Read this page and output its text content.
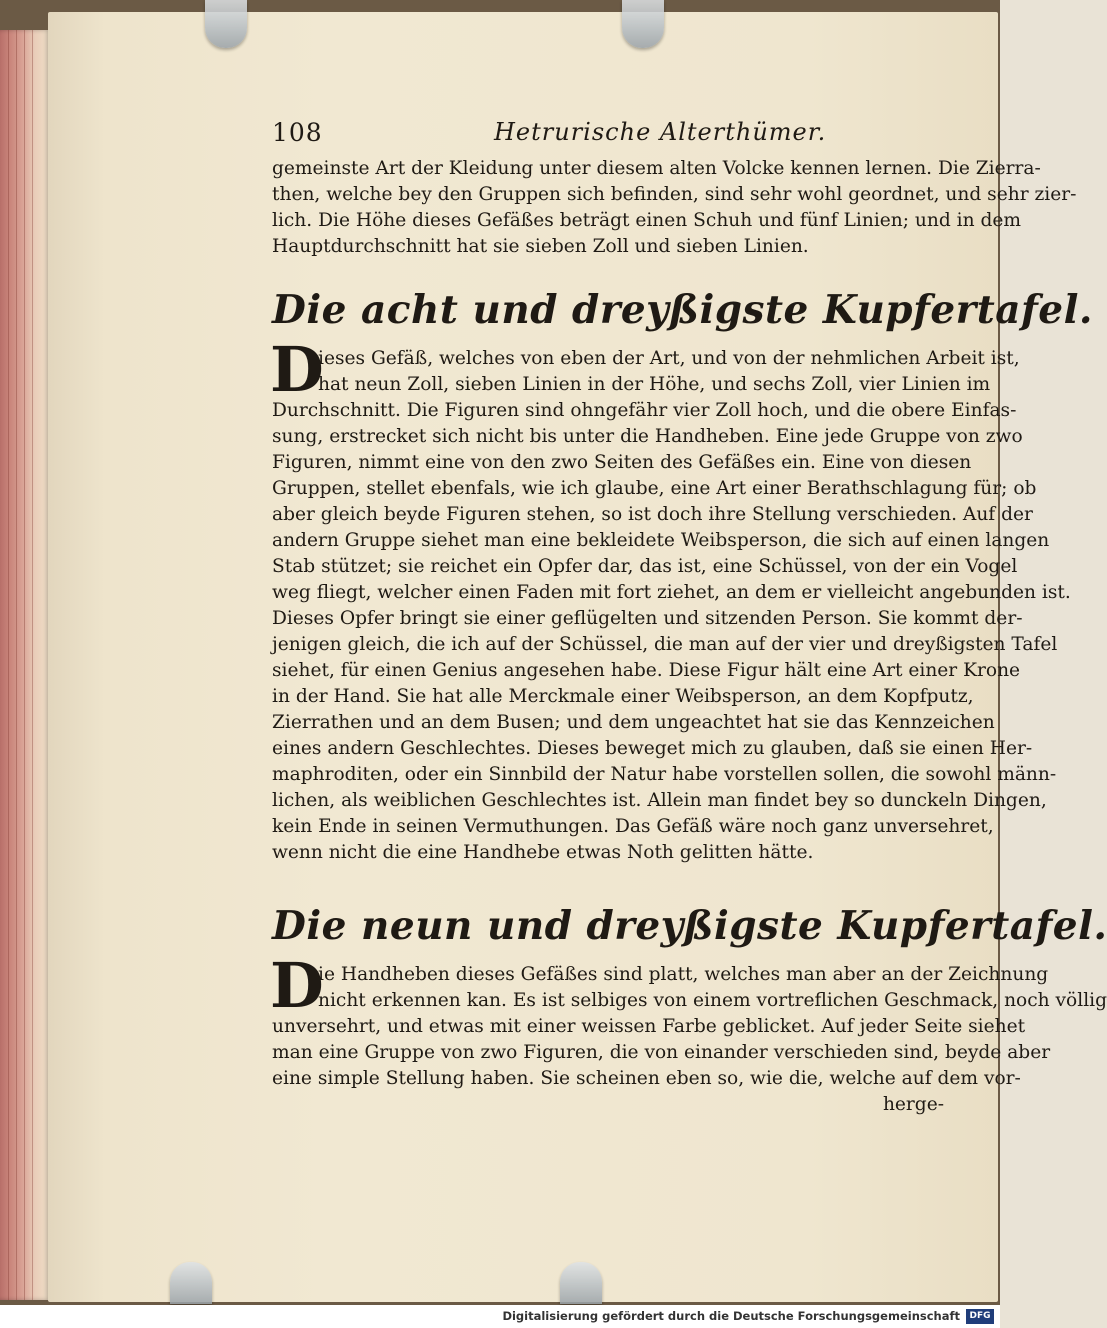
108	Hetrurische Alterthümer.
gemeinste Art der Kleidung unter diesem alten Volcke kennen lernen. Die Zierra-
then, welche bey den Gruppen sich befinden, sind sehr wohl geordnet, und sehr zier-
lich. Die Höhe dieses Gefäßes beträgt einen Schuh und fünf Linien; und in dem
Hauptdurchschnitt hat sie sieben Zoll und sieben Linien.
Die acht und dreyßigste Kupfertafel.
D
ieses Gefäß, welches von eben der Art, und von der nehmlichen Arbeit ist,
hat neun Zoll, sieben Linien in der Höhe, und sechs Zoll, vier Linien im
Durchschnitt. Die Figuren sind ohngefähr vier Zoll hoch, und die obere Einfas-
sung, erstrecket sich nicht bis unter die Handheben. Eine jede Gruppe von zwo
Figuren, nimmt eine von den zwo Seiten des Gefäßes ein. Eine von diesen
Gruppen, stellet ebenfals, wie ich glaube, eine Art einer Berathschlagung für; ob
aber gleich beyde Figuren stehen, so ist doch ihre Stellung verschieden. Auf der
andern Gruppe siehet man eine bekleidete Weibsperson, die sich auf einen langen
Stab stützet; sie reichet ein Opfer dar, das ist, eine Schüssel, von der ein Vogel
weg fliegt, welcher einen Faden mit fort ziehet, an dem er vielleicht angebunden ist.
Dieses Opfer bringt sie einer geflügelten und sitzenden Person. Sie kommt der-
jenigen gleich, die ich auf der Schüssel, die man auf der vier und dreyßigsten Tafel
siehet, für einen Genius angesehen habe. Diese Figur hält eine Art einer Krone
in der Hand. Sie hat alle Merckmale einer Weibsperson, an dem Kopfputz,
Zierrathen und an dem Busen; und dem ungeachtet hat sie das Kennzeichen
eines andern Geschlechtes. Dieses beweget mich zu glauben, daß sie einen Her-
maphroditen, oder ein Sinnbild der Natur habe vorstellen sollen, die sowohl männ-
lichen, als weiblichen Geschlechtes ist. Allein man findet bey so dunckeln Dingen,
kein Ende in seinen Vermuthungen. Das Gefäß wäre noch ganz unversehret,
wenn nicht die eine Handhebe etwas Noth gelitten hätte.
Die neun und dreyßigste Kupfertafel.
D
ie Handheben dieses Gefäßes sind platt, welches man aber an der Zeichnung
nicht erkennen kan. Es ist selbiges von einem vortreflichen Geschmack, noch völlig
unversehrt, und etwas mit einer weissen Farbe geblicket. Auf jeder Seite siehet
man eine Gruppe von zwo Figuren, die von einander verschieden sind, beyde aber
eine simple Stellung haben. Sie scheinen eben so, wie die, welche auf dem vor-
herge-
Digitalisierung gefördert durch die Deutsche Forschungsgemeinschaft	DFG
